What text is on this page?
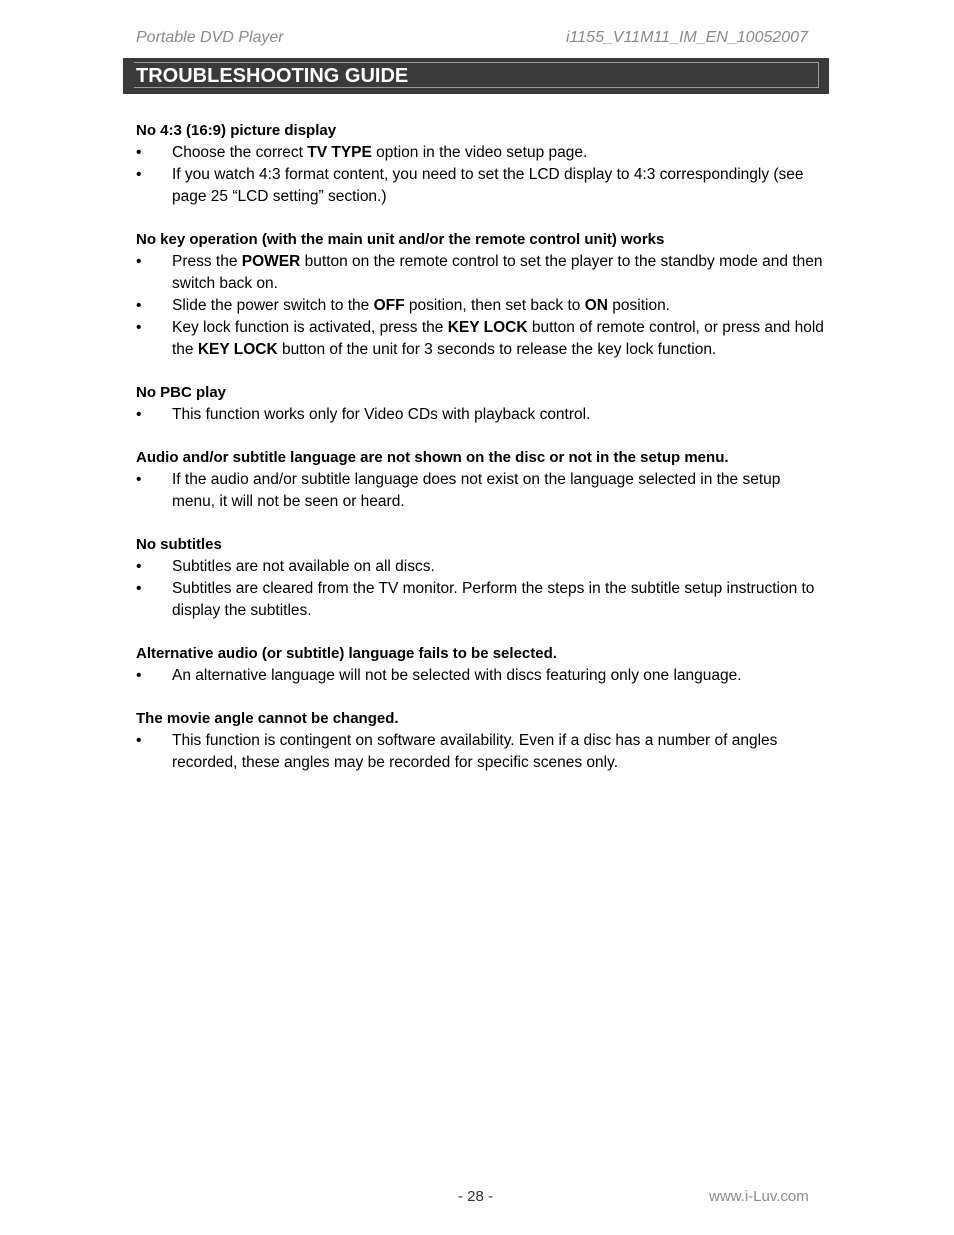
Portable DVD Player	i1155_V11M11_IM_EN_10052007
TROUBLESHOOTING GUIDE

No 4:3 (16:9) picture display

• Choose the correct TV TYPE option in the video setup page.
• If you watch 4:3 format content, you need to set the LCD display to 4:3 correspondingly (see page 25 “LCD setting” section.)

No key operation (with the main unit and/or the remote control unit) works

• Press the POWER button on the remote control to set the player to the standby mode and then switch back on.
• Slide the power switch to the OFF position, then set back to ON position.
• Key lock function is activated, press the KEY LOCK button of remote control, or press and hold the KEY LOCK button of the unit for 3 seconds to release the key lock function.

No PBC play

• This function works only for Video CDs with playback control.

Audio and/or subtitle language are not shown on the disc or not in the setup menu.

• If the audio and/or subtitle language does not exist on the language selected in the setup menu, it will not be seen or heard.

No subtitles

• Subtitles are not available on all discs.
• Subtitles are cleared from the TV monitor. Perform the steps in the subtitle setup instruction to display the subtitles.

Alternative audio (or subtitle) language fails to be selected.

• An alternative language will not be selected with discs featuring only one language.

The movie angle cannot be changed.

• This function is contingent on software availability. Even if a disc has a number of angles recorded, these angles may be recorded for specific scenes only.
- 28 -	www.i-Luv.com
